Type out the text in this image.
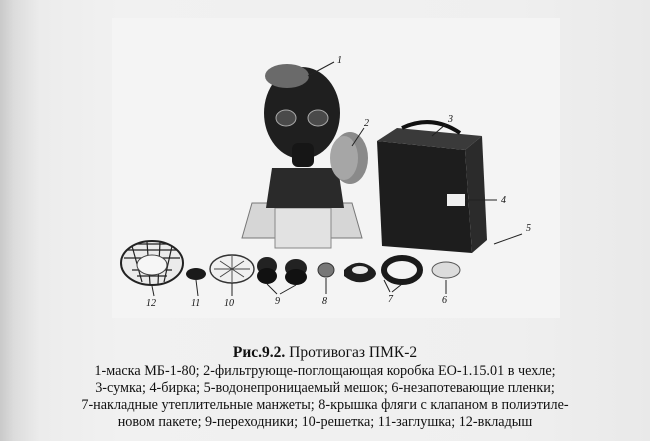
1
2	3
4
5
6
7
8
9
10
11
12
Рис.9.2. Противогаз ПМК-2
1-маска МБ-1-80; 2-фильтрующе-поглощающая коробка ЕО-1.15.01 в чехле;
3-сумка; 4-бирка; 5-водонепроницаемый мешок; 6-незапотевающие пленки;
7-накладные утеплительные манжеты; 8-крышка фляги с клапаном в полиэтиле-
новом пакете; 9-переходники; 10-решетка; 11-заглушка; 12-вкладыш
